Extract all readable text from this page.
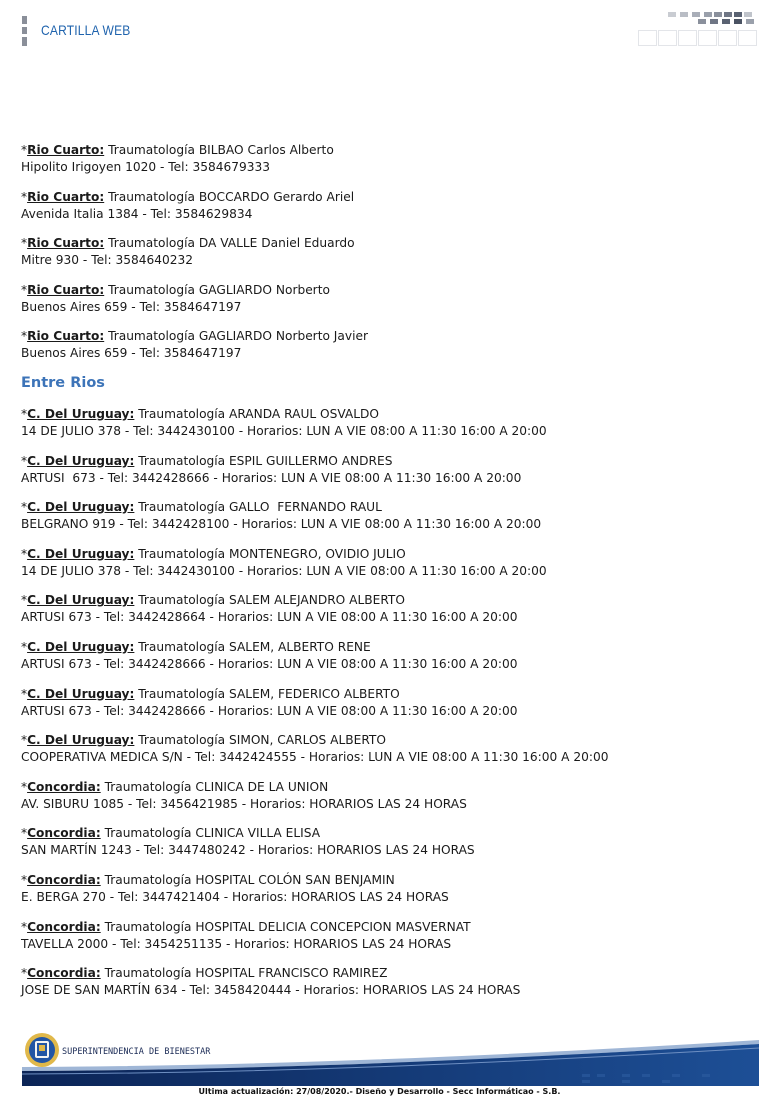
CARTILLA WEB
*Rio Cuarto: Traumatología BILBAO Carlos Alberto
Hipolito Irigoyen 1020 - Tel: 3584679333
*Rio Cuarto: Traumatología BOCCARDO Gerardo Ariel
Avenida Italia 1384 - Tel: 3584629834
*Rio Cuarto: Traumatología DA VALLE Daniel Eduardo
Mitre 930 - Tel: 3584640232
*Rio Cuarto: Traumatología GAGLIARDO Norberto
Buenos Aires 659 - Tel: 3584647197
*Rio Cuarto: Traumatología GAGLIARDO Norberto Javier
Buenos Aires 659 - Tel: 3584647197
Entre Rios
*C. Del Uruguay: Traumatología ARANDA RAUL OSVALDO
14 DE JULIO 378 - Tel: 3442430100 - Horarios: LUN A VIE 08:00 A 11:30 16:00 A 20:00
*C. Del Uruguay: Traumatología ESPIL GUILLERMO ANDRES
ARTUSI  673 - Tel: 3442428666 - Horarios: LUN A VIE 08:00 A 11:30 16:00 A 20:00
*C. Del Uruguay: Traumatología GALLO  FERNANDO RAUL
BELGRANO 919 - Tel: 3442428100 - Horarios: LUN A VIE 08:00 A 11:30 16:00 A 20:00
*C. Del Uruguay: Traumatología MONTENEGRO, OVIDIO JULIO
14 DE JULIO 378 - Tel: 3442430100 - Horarios: LUN A VIE 08:00 A 11:30 16:00 A 20:00
*C. Del Uruguay: Traumatología SALEM ALEJANDRO ALBERTO
ARTUSI 673 - Tel: 3442428664 - Horarios: LUN A VIE 08:00 A 11:30 16:00 A 20:00
*C. Del Uruguay: Traumatología SALEM, ALBERTO RENE
ARTUSI 673 - Tel: 3442428666 - Horarios: LUN A VIE 08:00 A 11:30 16:00 A 20:00
*C. Del Uruguay: Traumatología SALEM, FEDERICO ALBERTO
ARTUSI 673 - Tel: 3442428666 - Horarios: LUN A VIE 08:00 A 11:30 16:00 A 20:00
*C. Del Uruguay: Traumatología SIMON, CARLOS ALBERTO
COOPERATIVA MEDICA S/N - Tel: 3442424555 - Horarios: LUN A VIE 08:00 A 11:30 16:00 A 20:00
*Concordia: Traumatología CLINICA DE LA UNION
AV. SIBURU 1085 - Tel: 3456421985 - Horarios: HORARIOS LAS 24 HORAS
*Concordia: Traumatología CLINICA VILLA ELISA
SAN MARTÍN 1243 - Tel: 3447480242 - Horarios: HORARIOS LAS 24 HORAS
*Concordia: Traumatología HOSPITAL COLÓN SAN BENJAMIN
E. BERGA 270 - Tel: 3447421404 - Horarios: HORARIOS LAS 24 HORAS
*Concordia: Traumatología HOSPITAL DELICIA CONCEPCION MASVERNAT
TAVELLA 2000 - Tel: 3454251135 - Horarios: HORARIOS LAS 24 HORAS
*Concordia: Traumatología HOSPITAL FRANCISCO RAMIREZ
JOSE DE SAN MARTÍN 634 - Tel: 3458420444 - Horarios: HORARIOS LAS 24 HORAS
SUPERINTENDENCIA DE BIENESTAR
Ultima actualización: 27/08/2020.- Diseño y Desarrollo - Secc Informáticao - S.B.
